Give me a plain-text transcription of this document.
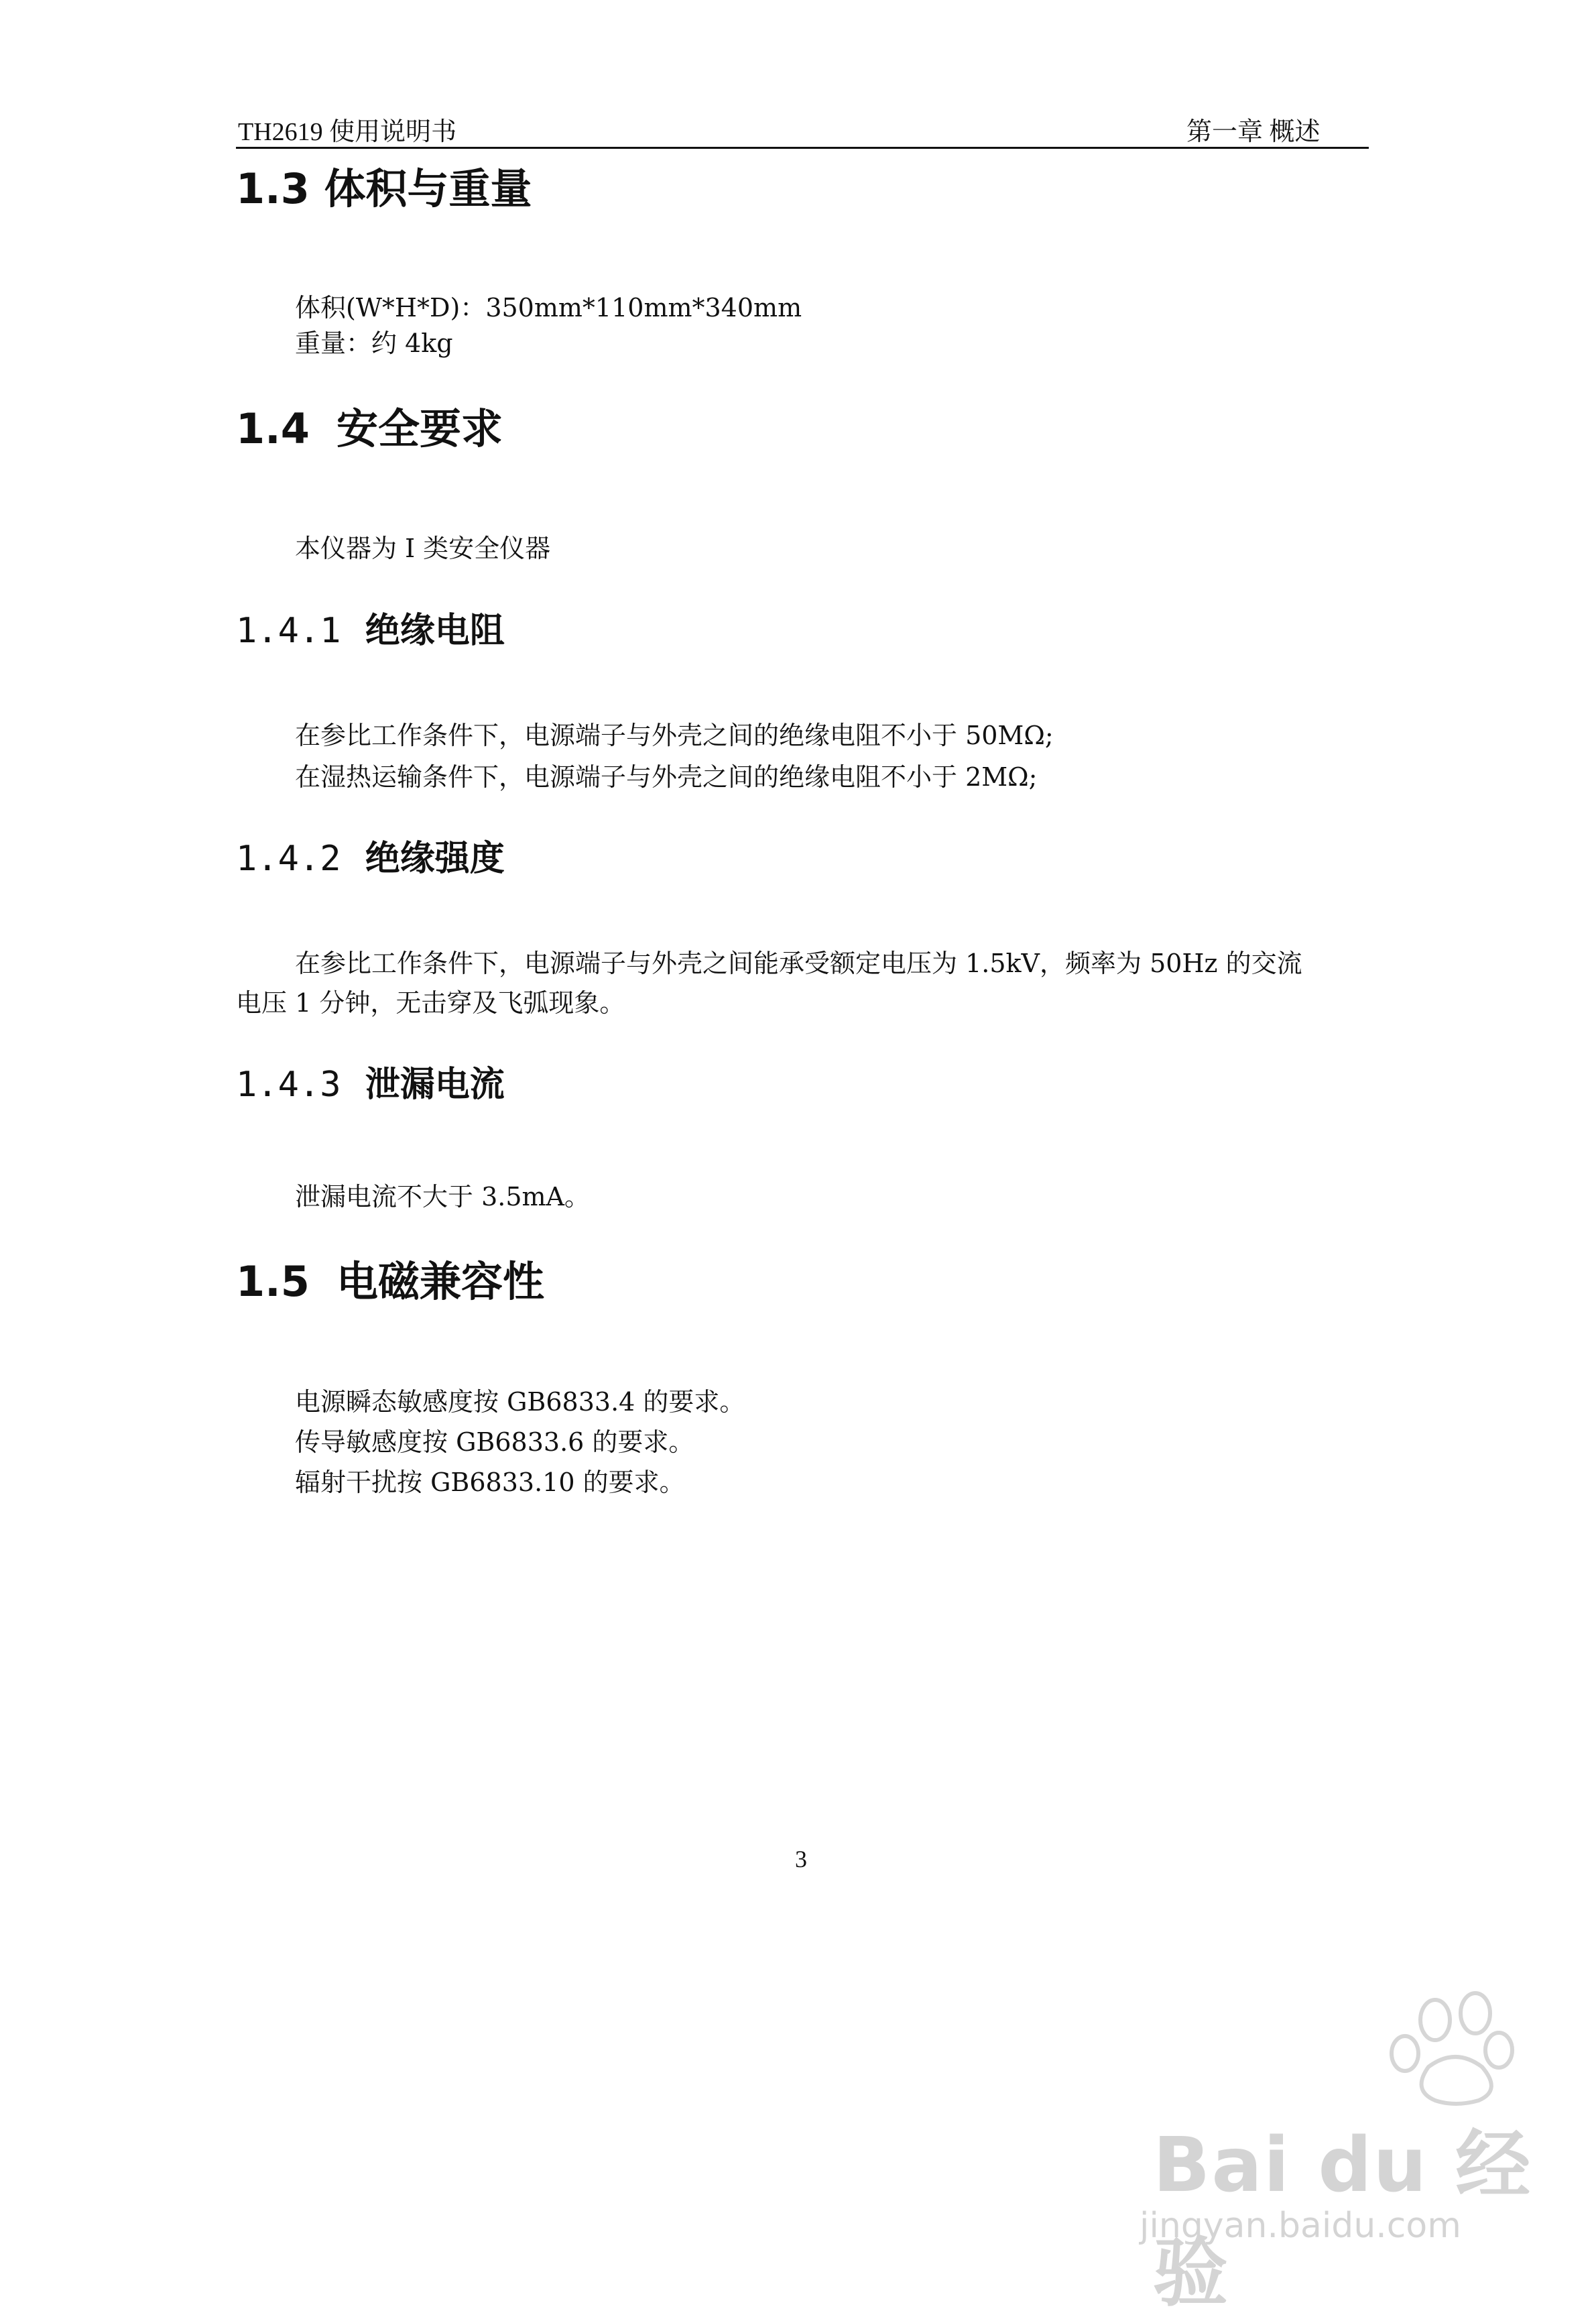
TH2619 使用说明书	第一章 概述
1.3 体积与重量
体积(W*H*D)：350mm*110mm*340mm
重量：约 4kg
1.4 安全要求
本仪器为 I 类安全仪器
1.4.1 绝缘电阻
在参比工作条件下，电源端子与外壳之间的绝缘电阻不小于 50MΩ;
在湿热运输条件下，电源端子与外壳之间的绝缘电阻不小于 2MΩ;
1.4.2 绝缘强度
在参比工作条件下，电源端子与外壳之间能承受额定电压为 1.5kV，频率为 50Hz 的交流
电压 1 分钟，无击穿及飞弧现象。
1.4.3 泄漏电流
泄漏电流不大于 3.5mA。
1.5 电磁兼容性
电源瞬态敏感度按 GB6833.4 的要求。
传导敏感度按 GB6833.6 的要求。
辐射干扰按 GB6833.10 的要求。
3
Bai du 经验
jingyan.baidu.com
